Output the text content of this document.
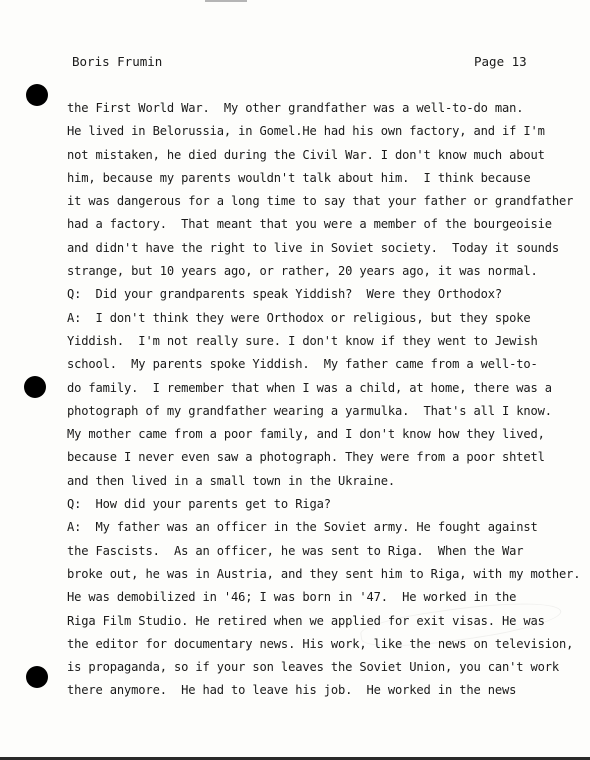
Boris Frumin	Page 13
the First World War.  My other grandfather was a well-to-do man.
He lived in Belorussia, in Gomel.He had his own factory, and if I'm
not mistaken, he died during the Civil War. I don't know much about
him, because my parents wouldn't talk about him.  I think because
it was dangerous for a long time to say that your father or grandfather
had a factory.  That meant that you were a member of the bourgeoisie
and didn't have the right to live in Soviet society.  Today it sounds
strange, but 10 years ago, or rather, 20 years ago, it was normal.
Q:  Did your grandparents speak Yiddish?  Were they Orthodox?
A:  I don't think they were Orthodox or religious, but they spoke
Yiddish.  I'm not really sure. I don't know if they went to Jewish
school.  My parents spoke Yiddish.  My father came from a well-to-
do family.  I remember that when I was a child, at home, there was a
photograph of my grandfather wearing a yarmulka.  That's all I know.
My mother came from a poor family, and I don't know how they lived,
because I never even saw a photograph. They were from a poor shtetl
and then lived in a small town in the Ukraine.
Q:  How did your parents get to Riga?
A:  My father was an officer in the Soviet army. He fought against
the Fascists.  As an officer, he was sent to Riga.  When the War
broke out, he was in Austria, and they sent him to Riga, with my mother.
He was demobilized in '46; I was born in '47.  He worked in the
Riga Film Studio. He retired when we applied for exit visas. He was
the editor for documentary news. His work, like the news on television,
is propaganda, so if your son leaves the Soviet Union, you can't work
there anymore.  He had to leave his job.  He worked in the news
